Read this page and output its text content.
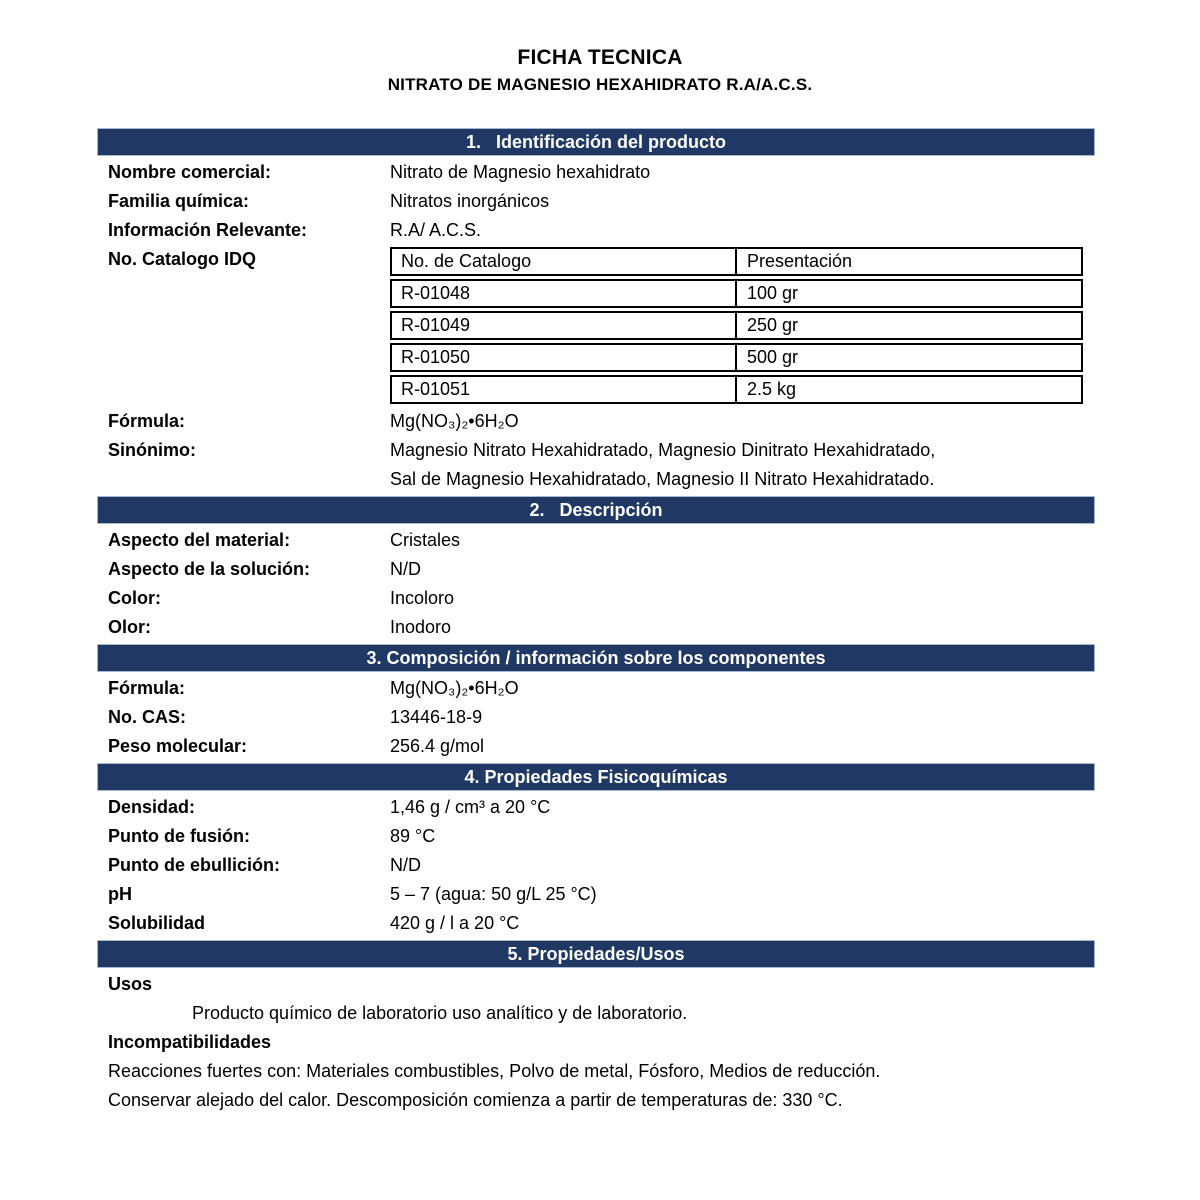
FICHA TECNICA
NITRATO DE MAGNESIO HEXAHIDRATO R.A/A.C.S.
1.   Identificación del producto
Nombre comercial:	Nitrato de Magnesio hexahidrato
Familia química:	Nitratos inorgánicos
Información Relevante:	R.A/ A.C.S.
No. Catalogo IDQ	No. de Catalogo	Presentación
R-01048	100 gr
R-01049	250 gr
R-01050	500 gr
R-01051	2.5 kg
Fórmula:	Mg(NO₃)₂•6H₂O
Sinónimo:	Magnesio Nitrato Hexahidratado, Magnesio Dinitrato Hexahidratado,
Sal de Magnesio Hexahidratado, Magnesio II Nitrato Hexahidratado.
2.   Descripción
Aspecto del material:	Cristales
Aspecto de la solución:	N/D
Color:	Incoloro
Olor:	Inodoro
3. Composición / información sobre los componentes
Fórmula:	Mg(NO₃)₂•6H₂O
No. CAS:	13446-18-9
Peso molecular:	256.4 g/mol
4. Propiedades Fisicoquímicas
Densidad:	1,46 g / cm³ a 20 °C
Punto de fusión:	89 °C
Punto de ebullición:	N/D
pH	5 – 7 (agua: 50 g/L 25 °C)
Solubilidad	420 g / l a 20 °C
5. Propiedades/Usos
Usos
Producto químico de laboratorio uso analítico y de laboratorio.
Incompatibilidades
Reacciones fuertes con: Materiales combustibles, Polvo de metal, Fósforo, Medios de reducción.
Conservar alejado del calor. Descomposición comienza a partir de temperaturas de: 330 °C.
